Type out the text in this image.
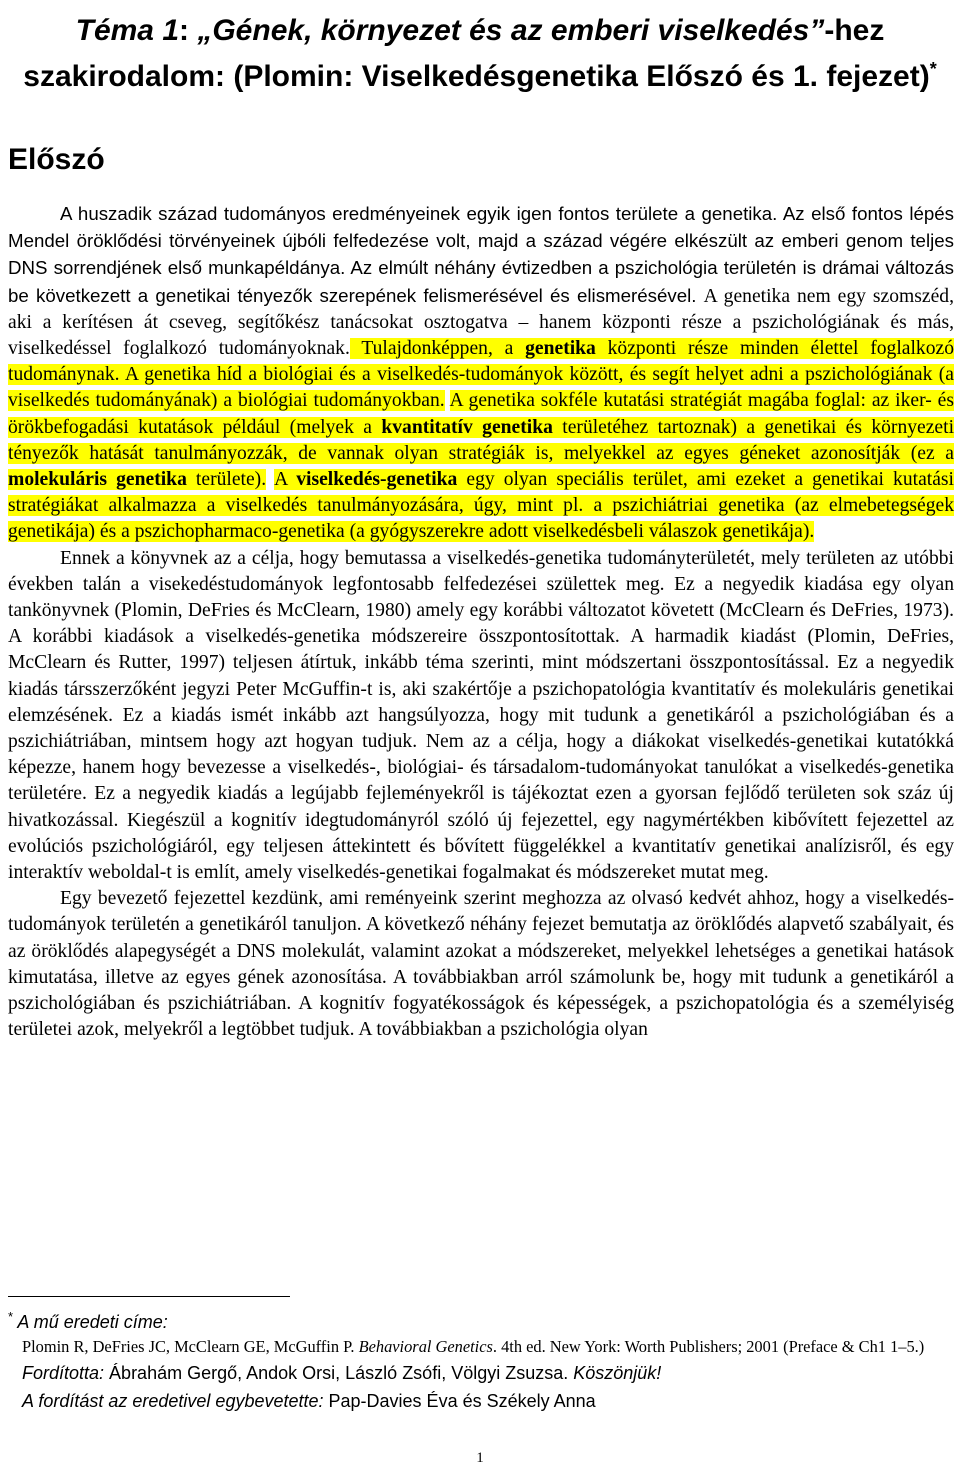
Téma 1: „Gének, környezet és az emberi viselkedés”-hez szakirodalom: (Plomin: Viselkedésgenetika Előszó és 1. fejezet)*
Előszó

A huszadik század tudományos eredményeinek egyik igen fontos területe a genetika. Az első fontos lépés Mendel öröklődési törvényeinek újbóli felfedezése volt, majd a század végére elkészült az emberi genom teljes DNS sorrendjének első munkapéldánya. Az elmúlt néhány évtizedben a pszichológia területén is drámai változás be következett a genetikai tényezők szerepének felismerésével és elismerésével. A genetika nem egy szomszéd, aki a kerítésen át cseveg, segítőkész tanácsokat osztogatva – hanem központi része a pszichológiának és más, viselkedéssel foglalkozó tudományoknak. Tulajdonképpen, a genetika központi része minden élettel foglalkozó tudománynak. A genetika híd a biológiai és a viselkedés-tudományok között, és segít helyet adni a pszichológiának (a viselkedés tudományának) a biológiai tudományokban. A genetika sokféle kutatási stratégiát magába foglal: az iker- és örökbefogadási kutatások például (melyek a kvantitatív genetika területéhez tartoznak) a genetikai és környezeti tényezők hatását tanulmányozzák, de vannak olyan stratégiák is, melyekkel az egyes géneket azonosítják (ez a molekuláris genetika területe). A viselkedés-genetika egy olyan speciális terület, ami ezeket a genetikai kutatási stratégiákat alkalmazza a viselkedés tanulmányozására, úgy, mint pl. a pszichiátriai genetika (az elmebetegségek genetikája) és a pszichopharmaco-genetika (a gyógyszerekre adott viselkedésbeli válaszok genetikája).

Ennek a könyvnek az a célja, hogy bemutassa a viselkedés-genetika tudományterületét, mely területen az utóbbi években talán a visekedéstudományok legfontosabb felfedezései születtek meg. Ez a negyedik kiadása egy olyan tankönyvnek (Plomin, DeFries és McClearn, 1980) amely egy korábbi változatot követett (McClearn és DeFries, 1973). A korábbi kiadások a viselkedés-genetika módszereire összpontosítottak. A harmadik kiadást (Plomin, DeFries, McClearn és Rutter, 1997) teljesen átírtuk, inkább téma szerinti, mint módszertani összpontosítással. Ez a negyedik kiadás társszerzőként jegyzi Peter McGuffin-t is, aki szakértője a pszichopatológia kvantitatív és molekuláris genetikai elemzésének. Ez a kiadás ismét inkább azt hangsúlyozza, hogy mit tudunk a genetikáról a pszichológiában és a pszichiátriában, mintsem hogy azt hogyan tudjuk. Nem az a célja, hogy a diákokat viselkedés-genetikai kutatókká képezze, hanem hogy bevezesse a viselkedés-, biológiai- és társadalom-tudományokat tanulókat a viselkedés-genetika területére. Ez a negyedik kiadás a legújabb fejleményekről is tájékoztat ezen a gyorsan fejlődő területen sok száz új hivatkozással. Kiegészül a kognitív idegtudományról szóló új fejezettel, egy nagymértékben kibővített fejezettel az evolúciós pszichológiáról, egy teljesen áttekintett és bővített függelékkel a kvantitatív genetikai analízisről, és egy interaktív weboldal-t is említ, amely viselkedés-genetikai fogalmakat és módszereket mutat meg.

Egy bevezető fejezettel kezdünk, ami reményeink szerint meghozza az olvasó kedvét ahhoz, hogy a viselkedés-tudományok területén a genetikáról tanuljon. A következő néhány fejezet bemutatja az öröklődés alapvető szabályait, és az öröklődés alapegységét a DNS molekulát, valamint azokat a módszereket, melyekkel lehetséges a genetikai hatások kimutatása, illetve az egyes gének azonosítása. A továbbiakban arról számolunk be, hogy mit tudunk a genetikáról a pszichológiában és pszichiátriában. A kognitív fogyatékosságok és képességek, a pszichopatológia és a személyiség területei azok, melyekről a legtöbbet tudjuk. A továbbiakban a pszichológia olyan

* A mű eredeti címe:

Plomin R, DeFries JC, McClearn GE, McGuffin P. Behavioral Genetics. 4th ed. New York: Worth Publishers; 2001 (Preface & Ch1 1–5.)

Fordította: Ábrahám Gergő, Andok Orsi, László Zsófi, Völgyi Zsuzsa. Köszönjük!

A fordítást az eredetivel egybevetette: Pap-Davies Éva és Székely Anna

1
